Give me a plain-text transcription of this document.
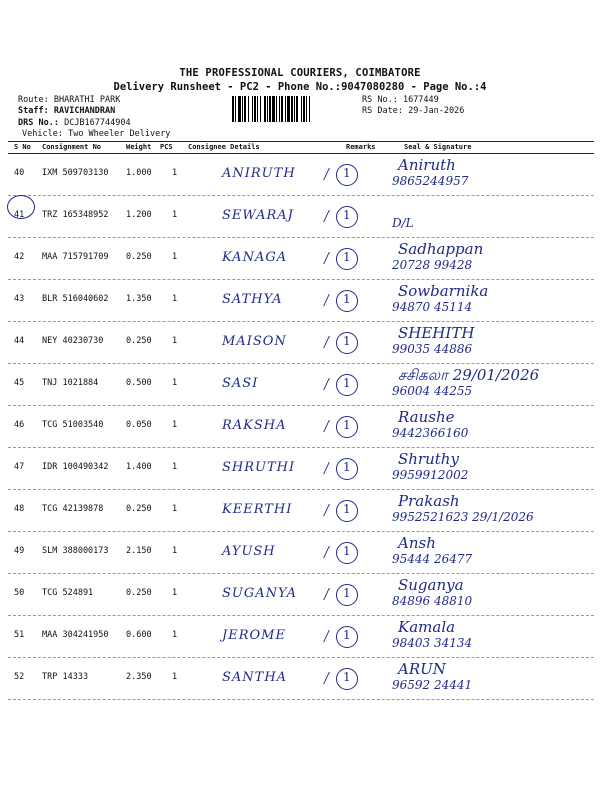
THE PROFESSIONAL COURIERS, COIMBATORE
Delivery Runsheet - PC2 - Phone No.:9047080280 - Page No.:4
Route: BHARATHI PARK
Staff: RAVICHANDRAN
DRS No.: DCJB167744904
Vehicle: Two Wheeler Delivery
RS No.: 1677449
RS Date: 29-Jan-2026
S No Consignment No	Weight PCS Consignee Details	Remarks	Seal & Signature
40 IXM 509703130 1.000 1	ANIRUTH	1	Aniruth
9865244957
41 TRZ 165348952 1.200 1	SEWARAJ	1
D/L
42 MAA 715791709 0.250 1	KANAGA	1	Sadhappan
20728 99428
43 BLR 516040602 1.350 1	SATHYA	1	Sowbarnika
94870 45114
44 NEY 40230730	0.250 1	MAISON	1	SHEHITH
99035 44886
45 TNJ 1021884	0.500 1	SASI	1	சசிகலா 29/01/2026
96004 44255
46 TCG 51003540	0.050 1	RAKSHA	1	Raushe
9442366160
47 IDR 100490342 1.400 1	SHRUTHI	1	Shruthy
9959912002
48 TCG 42139878	0.250 1	KEERTHI	1	Prakash
9952521623 29/1/2026
49 SLM 388000173 2.150 1	AYUSH	1	Ansh
95444 26477
50 TCG 524891	0.250 1	SUGANYA	1	Suganya
84896 48810
51 MAA 304241950 0.600 1	JEROME	1	Kamala
98403 34134
52 TRP 14333	2.350 1	SANTHA	1	ARUN
96592 24441
